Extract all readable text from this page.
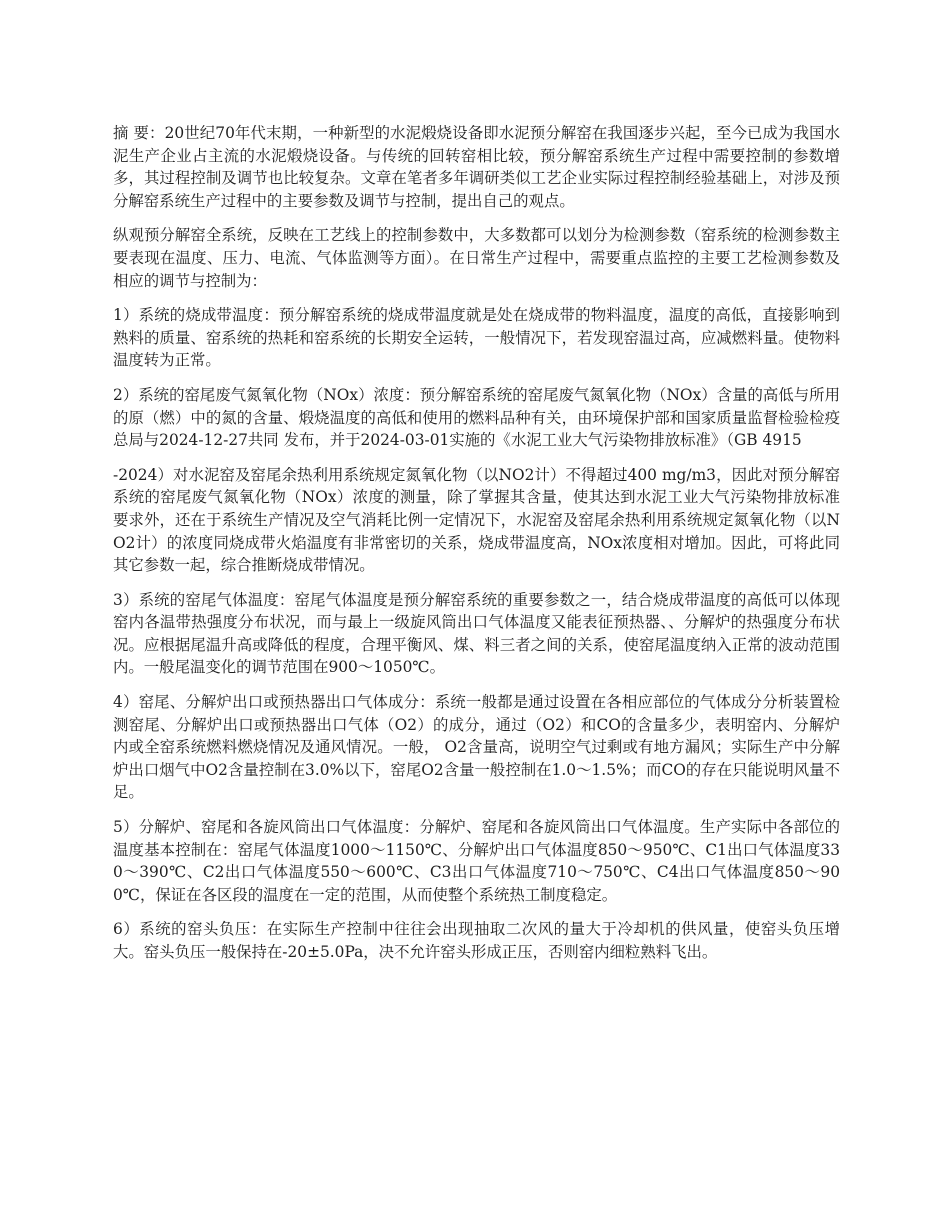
摘 要：20世纪70年代末期，一种新型的水泥煅烧设备即水泥预分解窑在我国逐步兴起，至今已成为我国水泥生产企业占主流的水泥煅烧设备。与传统的回转窑相比较，预分解窑系统生产过程中需要控制的参数增多，其过程控制及调节也比较复杂。文章在笔者多年调研类似工艺企业实际过程控制经验基础上，对涉及预分解窑系统生产过程中的主要参数及调节与控制，提出自己的观点。

纵观预分解窑全系统，反映在工艺线上的控制参数中，大多数都可以划分为检测参数（窑系统的检测参数主要表现在温度、压力、电流、气体监测等方面）。在日常生产过程中，需要重点监控的主要工艺检测参数及相应的调节与控制为：

1）系统的烧成带温度：预分解窑系统的烧成带温度就是处在烧成带的物料温度，温度的高低，直接影响到熟料的质量、窑系统的热耗和窑系统的长期安全运转，一般情况下，若发现窑温过高，应减燃料量。使物料温度转为正常。

2）系统的窑尾废气氮氧化物（NOx）浓度：预分解窑系统的窑尾废气氮氧化物（NOx）含量的高低与所用的原（燃）中的氮的含量、煅烧温度的高低和使用的燃料品种有关，由环境保护部和国家质量监督检验检疫总局与2024-12-27共同 发布，并于2024-03-01实施的《水泥工业大气污染物排放标准》（GB 4915

-2024）对水泥窑及窑尾余热利用系统规定氮氧化物（以NO2计）不得超过400 mg/m3，因此对预分解窑系统的窑尾废气氮氧化物（NOx）浓度的测量，除了掌握其含量，使其达到水泥工业大气污染物排放标准要求外，还在于系统生产情况及空气消耗比例一定情况下，水泥窑及窑尾余热利用系统规定氮氧化物（以NO2计）的浓度同烧成带火焰温度有非常密切的关系，烧成带温度高，NOx浓度相对增加。因此，可将此同其它参数一起，综合推断烧成带情况。

3）系统的窑尾气体温度：窑尾气体温度是预分解窑系统的重要参数之一，结合烧成带温度的高低可以体现窑内各温带热强度分布状况，而与最上一级旋风筒出口气体温度又能表征预热器、、分解炉的热强度分布状况。应根据尾温升高或降低的程度，合理平衡风、煤、料三者之间的关系，使窑尾温度纳入正常的波动范围内。一般尾温变化的调节范围在900～1050℃。

4）窑尾、分解炉出口或预热器出口气体成分：系统一般都是通过设置在各相应部位的气体成分分析装置检测窑尾、分解炉出口或预热器出口气体（O2）的成分，通过（O2）和CO的含量多少，表明窑内、分解炉内或全窑系统燃料燃烧情况及通风情况。一般， O2含量高，说明空气过剩或有地方漏风；实际生产中分解炉出口烟气中O2含量控制在3.0%以下，窑尾O2含量一般控制在1.0～1.5%；而CO的存在只能说明风量不足。

5）分解炉、窑尾和各旋风筒出口气体温度：分解炉、窑尾和各旋风筒出口气体温度。生产实际中各部位的温度基本控制在：窑尾气体温度1000～1150℃、分解炉出口气体温度850～950℃、C1出口气体温度330～390℃、C2出口气体温度550～600℃、C3出口气体温度710～750℃、C4出口气体温度850～900℃，保证在各区段的温度在一定的范围，从而使整个系统热工制度稳定。

6）系统的窑头负压：在实际生产控制中往往会出现抽取二次风的量大于冷却机的供风量，使窑头负压增大。窑头负压一般保持在-20±5.0Pa，决不允许窑头形成正压，否则窑内细粒熟料飞出。
